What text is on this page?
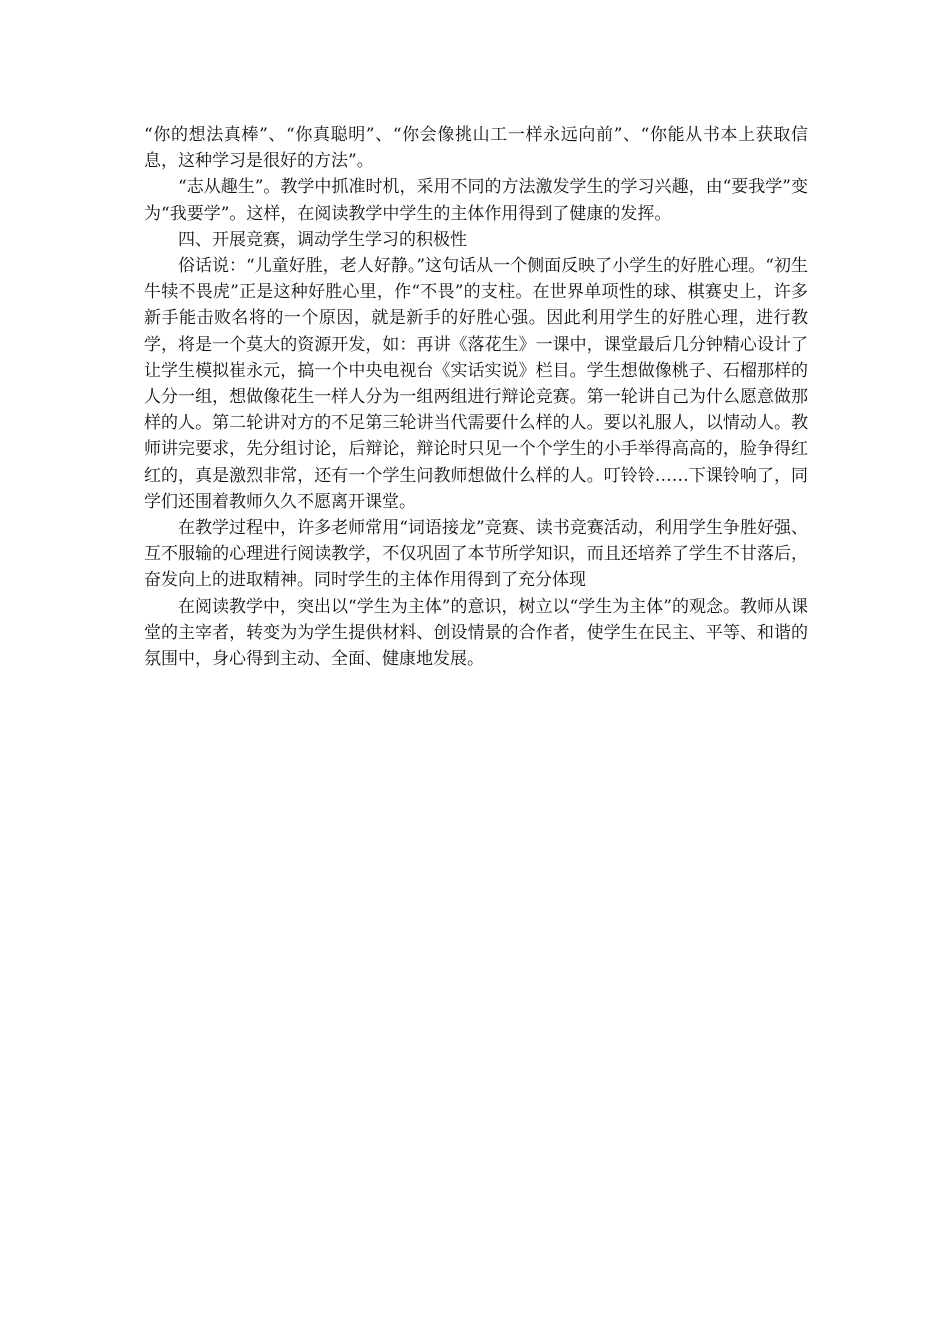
“你的想法真棒”、“你真聪明”、“你会像挑山工一样永远向前”、“你能从书本上获取信息，这种学习是很好的方法”。

“志从趣生”。教学中抓准时机，采用不同的方法激发学生的学习兴趣，由“要我学”变为“我要学”。这样，在阅读教学中学生的主体作用得到了健康的发挥。

四、开展竞赛，调动学生学习的积极性

俗话说：“儿童好胜，老人好静。”这句话从一个侧面反映了小学生的好胜心理。“初生牛犊不畏虎”正是这种好胜心里，作“不畏”的支柱。在世界单项性的球、棋赛史上，许多新手能击败名将的一个原因，就是新手的好胜心强。因此利用学生的好胜心理，进行教学，将是一个莫大的资源开发，如：再讲《落花生》一课中，课堂最后几分钟精心设计了让学生模拟崔永元，搞一个中央电视台《实话实说》栏目。学生想做像桃子、石榴那样的人分一组，想做像花生一样人分为一组两组进行辩论竞赛。第一轮讲自己为什么愿意做那样的人。第二轮讲对方的不足第三轮讲当代需要什么样的人。要以礼服人，以情动人。教师讲完要求，先分组讨论，后辩论，辩论时只见一个个学生的小手举得高高的，脸争得红红的，真是激烈非常，还有一个学生问教师想做什么样的人。叮铃铃……下课铃响了，同学们还围着教师久久不愿离开课堂。

在教学过程中，许多老师常用“词语接龙”竞赛、读书竞赛活动，利用学生争胜好强、互不服输的心理进行阅读教学，不仅巩固了本节所学知识，而且还培养了学生不甘落后，奋发向上的进取精神。同时学生的主体作用得到了充分体现

在阅读教学中，突出以“学生为主体”的意识，树立以“学生为主体”的观念。教师从课堂的主宰者，转变为为学生提供材料、创设情景的合作者，使学生在民主、平等、和谐的氛围中，身心得到主动、全面、健康地发展。
